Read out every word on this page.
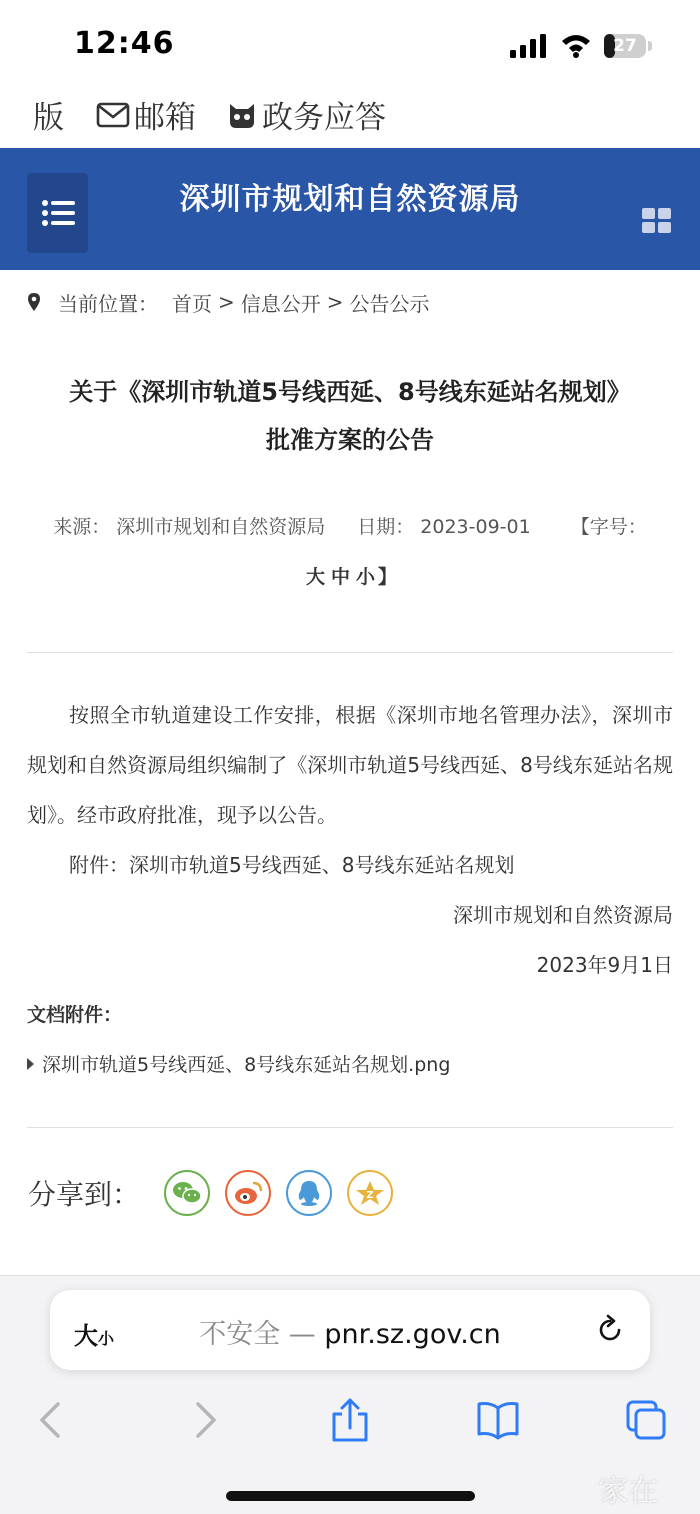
12:46	27
版 邮箱 政务应答
深圳市规划和自然资源局
当前位置： 首页 > 信息公开 > 公告公示
关于《深圳市轨道5号线西延、8号线东延站名规划》
批准方案的公告
来源： 深圳市规划和自然资源局 日期： 2023-09-01 【字号：
大 中 小 】

按照全市轨道建设工作安排，根据《深圳市地名管理办法》，深圳市规划和自然资源局组织编制了《深圳市轨道5号线西延、8号线东延站名规划》。经市政府批准，现予以公告。

附件：深圳市轨道5号线西延、8号线东延站名规划

深圳市规划和自然资源局

2023年9月1日

文档附件：
深圳市轨道5号线西延、8号线东延站名规划.png
分享到：	Z
大小	不安全 — pnr.sz.gov.cn
家在
